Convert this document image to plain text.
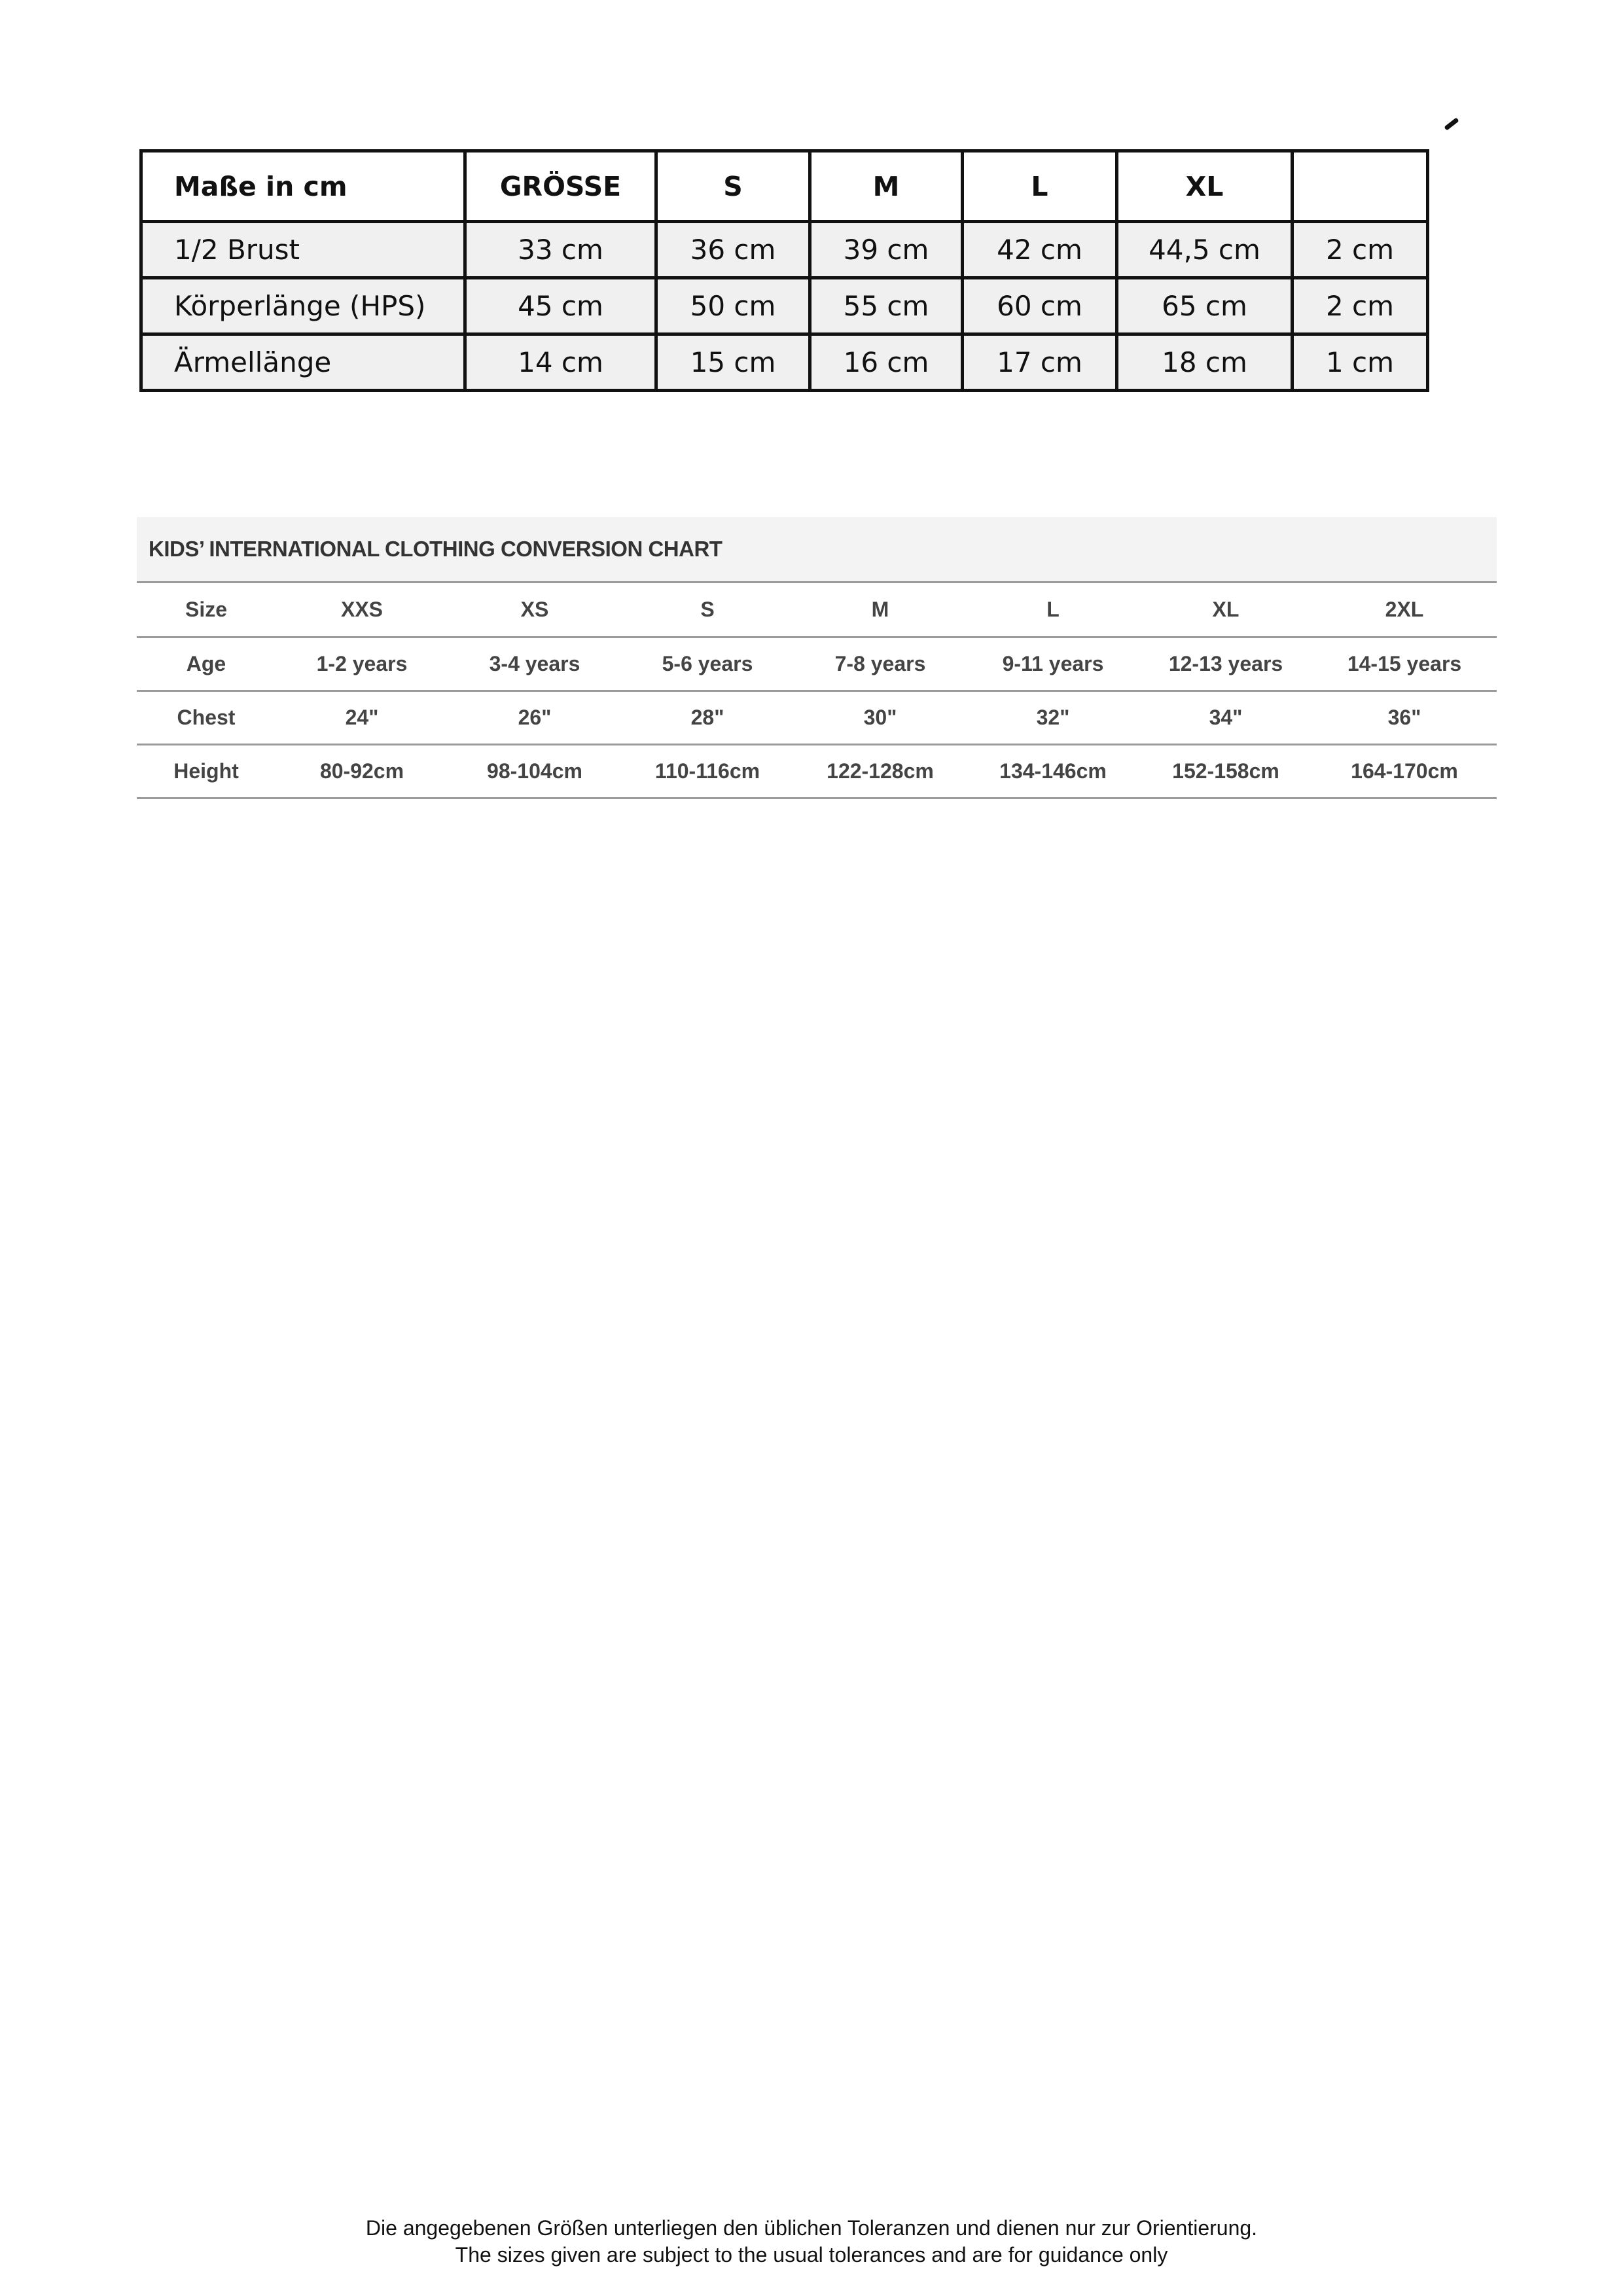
Maße in cm	GRÖSSE	S	M	L	XL	
1/2 Brust	33 cm	36 cm	39 cm	42 cm	44,5 cm	2 cm
Körperlänge (HPS)	45 cm	50 cm	55 cm	60 cm	65 cm	2 cm
Ärmellänge	14 cm	15 cm	16 cm	17 cm	18 cm	1 cm
KIDS’ INTERNATIONAL CLOTHING CONVERSION CHART
Size	XXS	XS	S	M	L	XL	2XL
Age	1-2 years	3-4 years	5-6 years	7-8 years	9-11 years	12-13 years	14-15 years
Chest	24"	26"	28"	30"	32"	34"	36"
Height	80-92cm	98-104cm	110-116cm	122-128cm	134-146cm	152-158cm	164-170cm
Die angegebenen Größen unterliegen den üblichen Toleranzen und dienen nur zur Orientierung.
The sizes given are subject to the usual tolerances and are for guidance only
